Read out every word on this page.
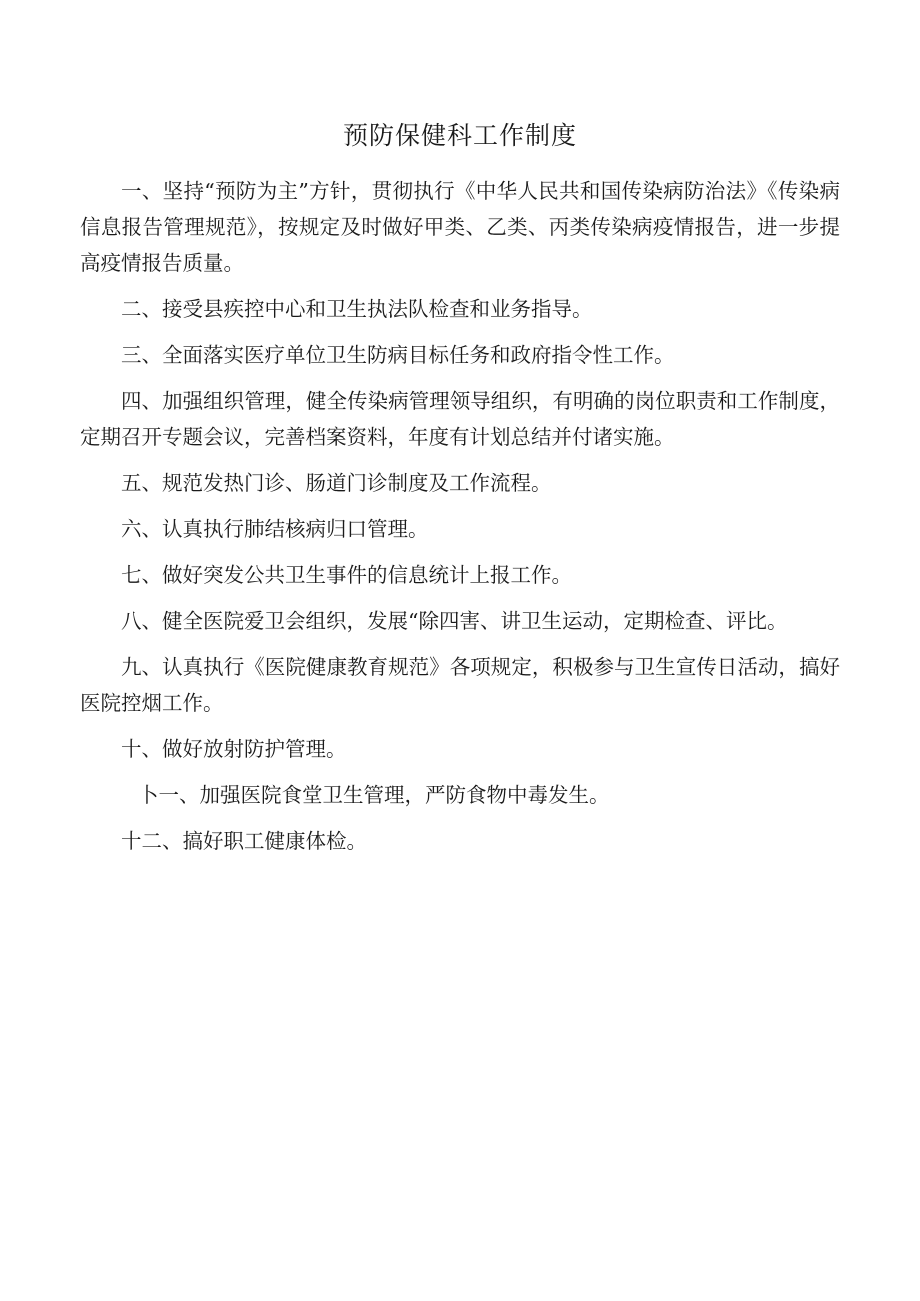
预防保健科工作制度

一、坚持“预防为主”方针，贯彻执行《中华人民共和国传染病防治法》《传染病信息报告管理规范》，按规定及时做好甲类、乙类、丙类传染病疫情报告，进一步提高疫情报告质量。

二、接受县疾控中心和卫生执法队检查和业务指导。

三、全面落实医疗单位卫生防病目标任务和政府指令性工作。

四、加强组织管理，健全传染病管理领导组织，有明确的岗位职责和工作制度，定期召开专题会议，完善档案资料，年度有计划总结并付诸实施。

五、规范发热门诊、肠道门诊制度及工作流程。

六、认真执行肺结核病归口管理。

七、做好突发公共卫生事件的信息统计上报工作。

八、健全医院爱卫会组织，发展“除四害、讲卫生运动，定期检查、评比。

九、认真执行《医院健康教育规范》各项规定，积极参与卫生宣传日活动，搞好医院控烟工作。

十、做好放射防护管理。

卜一、加强医院食堂卫生管理，严防食物中毒发生。

十二、搞好职工健康体检。
